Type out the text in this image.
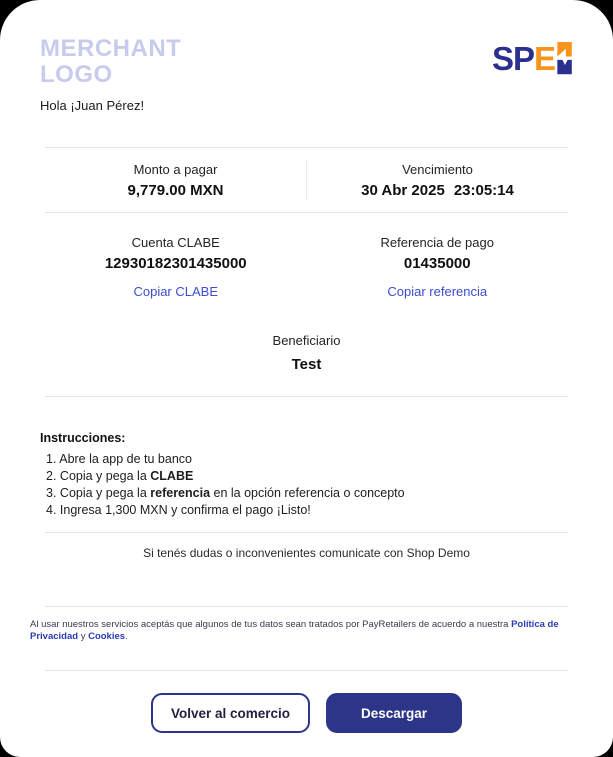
MERCHANT
LOGO	SP E

Hola ¡Juan Pérez!

Monto a pagar
9,779.00 MXN
Vencimiento
30 Abr 2025 23:05:14
Cuenta CLABE
12930182301435000
Copiar CLABE
Referencia de pago
01435000
Copiar referencia
Beneficiario
Test
Instrucciones:
1. Abre la app de tu banco
2. Copia y pega la CLABE
3. Copia y pega la referencia en la opción referencia o concepto
4. Ingresa 1,300 MXN y confirma el pago ¡Listo!

Si tenés dudas o inconvenientes comunicate con Shop Demo

Al usar nuestros servicios aceptás que algunos de tus datos sean tratados por PayRetailers de acuerdo a nuestra Política de Privacidad y Cookies.

Volver al comercio	Descargar
